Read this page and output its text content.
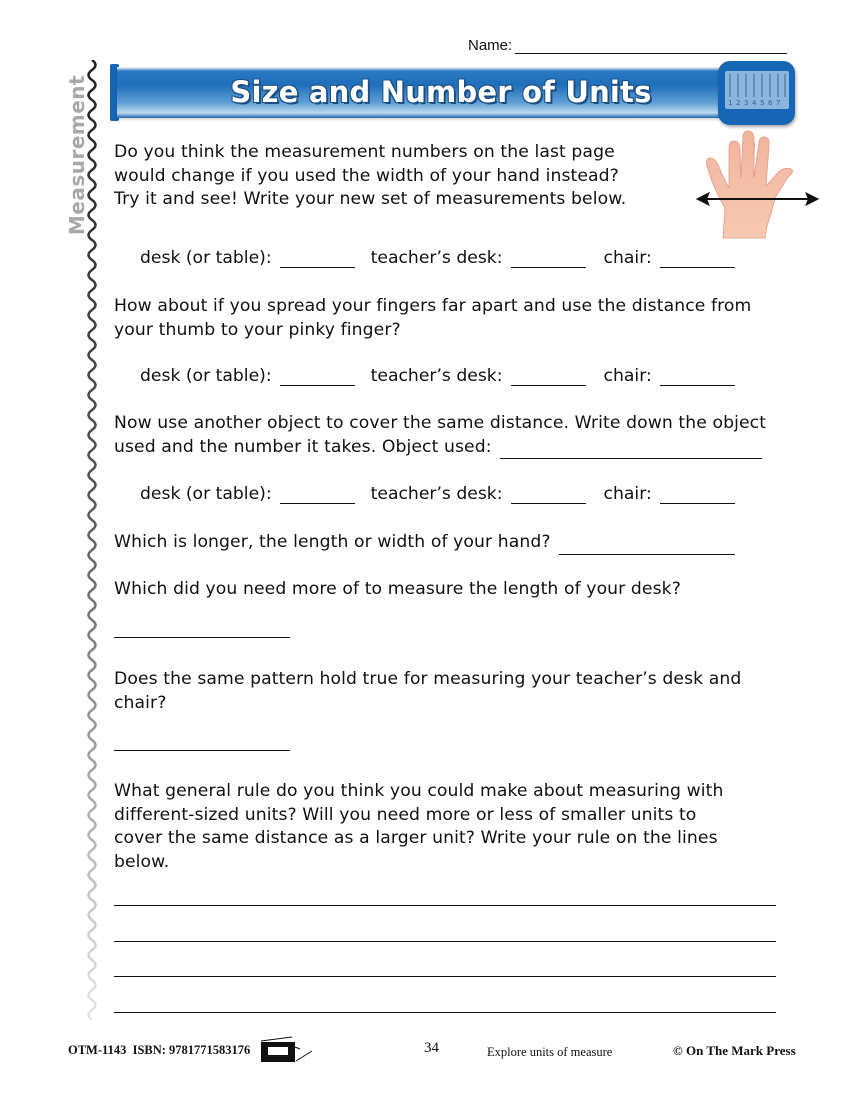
Name:
Measurement	Size and Number of Units	1 2 3 4 5 6 7
Do you think the measurement numbers on the last page
would change if you used the width of your hand instead?
Try it and see! Write your new set of measurements below.
desk (or table):	teacher’s desk:	chair:
How about if you spread your fingers far apart and use the distance from
your thumb to your pinky finger?
desk (or table):	teacher’s desk:	chair:
Now use another object to cover the same distance. Write down the object
used and the number it takes. Object used:
desk (or table):	teacher’s desk:	chair:
Which is longer, the length or width of your hand?
Which did you need more of to measure the length of your desk?
Does the same pattern hold true for measuring your teacher’s desk and
chair?
What general rule do you think you could make about measuring with
different-sized units? Will you need more or less of smaller units to
cover the same distance as a larger unit? Write your rule on the lines
below.
OTM-1143  ISBN: 9781771583176	34	Explore units of measure	© On The Mark Press
